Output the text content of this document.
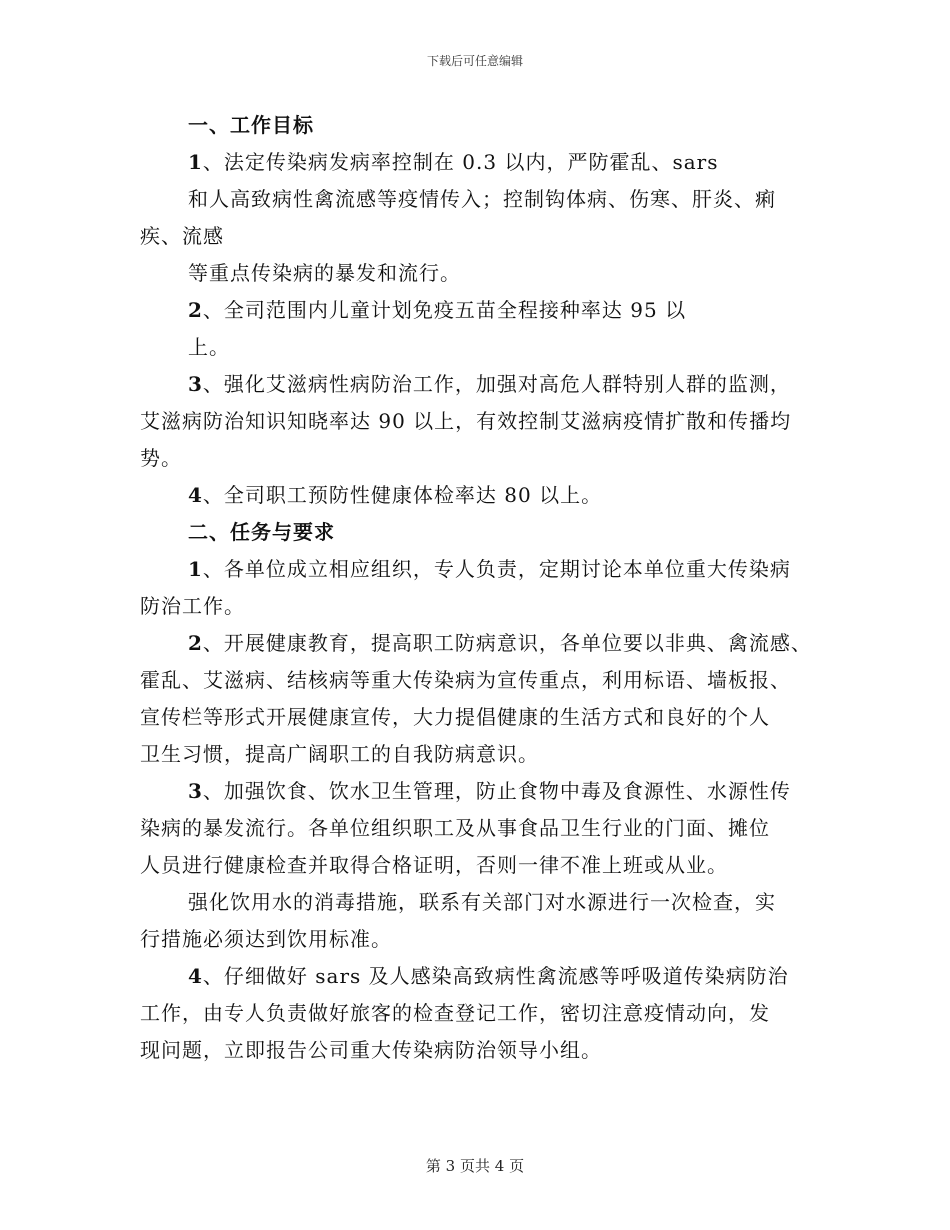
下载后可任意编辑
一、工作目标
1、法定传染病发病率控制在 0.3 以内，严防霍乱、sars
和人高致病性禽流感等疫情传入；控制钩体病、伤寒、肝炎、痢
疾、流感
等重点传染病的暴发和流行。
2、全司范围内儿童计划免疫五苗全程接种率达 95 以
上。
3、强化艾滋病性病防治工作，加强对高危人群特别人群的监测，
艾滋病防治知识知晓率达 90 以上，有效控制艾滋病疫情扩散和传播均
势。
4、全司职工预防性健康体检率达 80 以上。
二、任务与要求
1、各单位成立相应组织，专人负责，定期讨论本单位重大传染病
防治工作。
2、开展健康教育，提高职工防病意识，各单位要以非典、禽流感、
霍乱、艾滋病、结核病等重大传染病为宣传重点，利用标语、墙板报、
宣传栏等形式开展健康宣传，大力提倡健康的生活方式和良好的个人
卫生习惯，提高广阔职工的自我防病意识。
3、加强饮食、饮水卫生管理，防止食物中毒及食源性、水源性传
染病的暴发流行。各单位组织职工及从事食品卫生行业的门面、摊位
人员进行健康检查并取得合格证明，否则一律不准上班或从业。
强化饮用水的消毒措施，联系有关部门对水源进行一次检查，实
行措施必须达到饮用标准。
4、仔细做好 sars 及人感染高致病性禽流感等呼吸道传染病防治
工作，由专人负责做好旅客的检查登记工作，密切注意疫情动向，发
现问题，立即报告公司重大传染病防治领导小组。
第 3 页共 4 页
